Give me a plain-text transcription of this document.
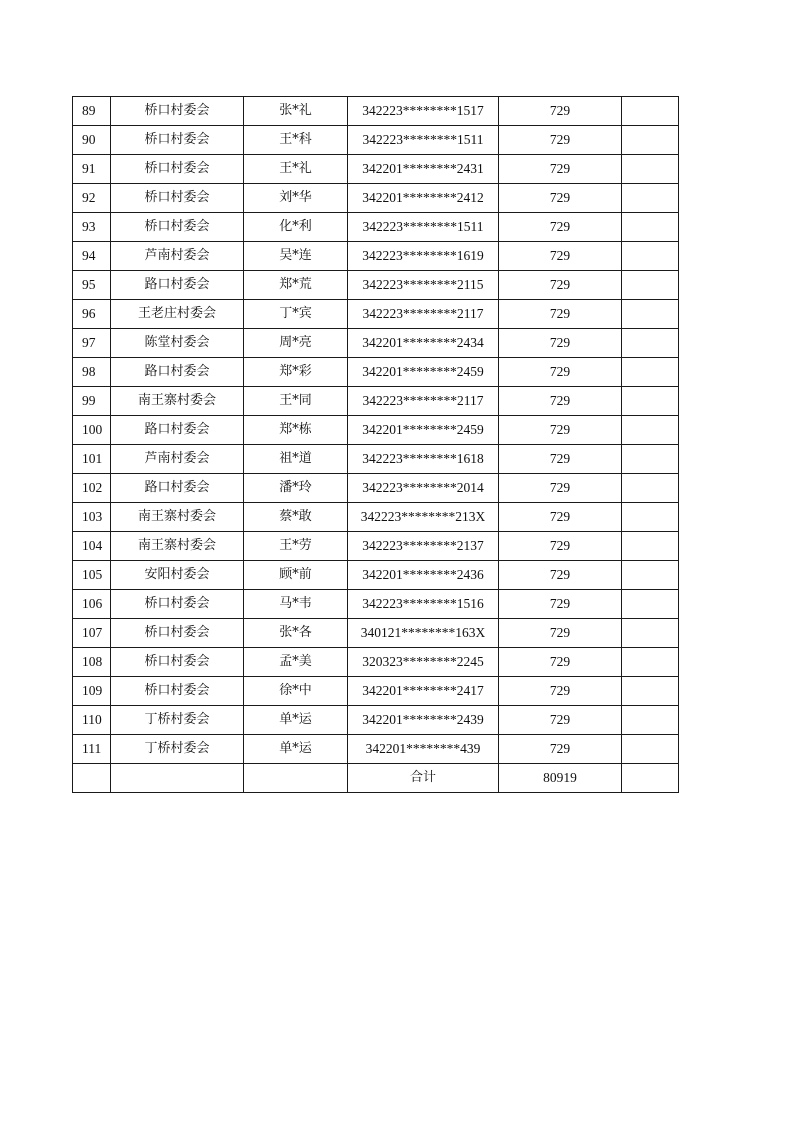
89	桥口村委会	张*礼	342223********1517	729	
90	桥口村委会	王*科	342223********1511	729	
91	桥口村委会	王*礼	342201********2431	729	
92	桥口村委会	刘*华	342201********2412	729	
93	桥口村委会	化*利	342223********1511	729	
94	芦南村委会	吴*连	342223********1619	729	
95	路口村委会	郑*荒	342223********2115	729	
96	王老庄村委会	丁*宾	342223********2117	729	
97	陈堂村委会	周*亮	342201********2434	729	
98	路口村委会	郑*彩	342201********2459	729	
99	南王寨村委会	王*同	342223********2117	729	
100	路口村委会	郑*栋	342201********2459	729	
101	芦南村委会	祖*道	342223********1618	729	
102	路口村委会	潘*玲	342223********2014	729	
103	南王寨村委会	蔡*敢	342223********213X	729	
104	南王寨村委会	王*劳	342223********2137	729	
105	安阳村委会	顾*前	342201********2436	729	
106	桥口村委会	马*韦	342223********1516	729	
107	桥口村委会	张*各	340121********163X	729	
108	桥口村委会	孟*美	320323********2245	729	
109	桥口村委会	徐*中	342201********2417	729	
110	丁桥村委会	单*运	342201********2439	729	
111	丁桥村委会	单*运	342201********439	729	
			合计	80919	
